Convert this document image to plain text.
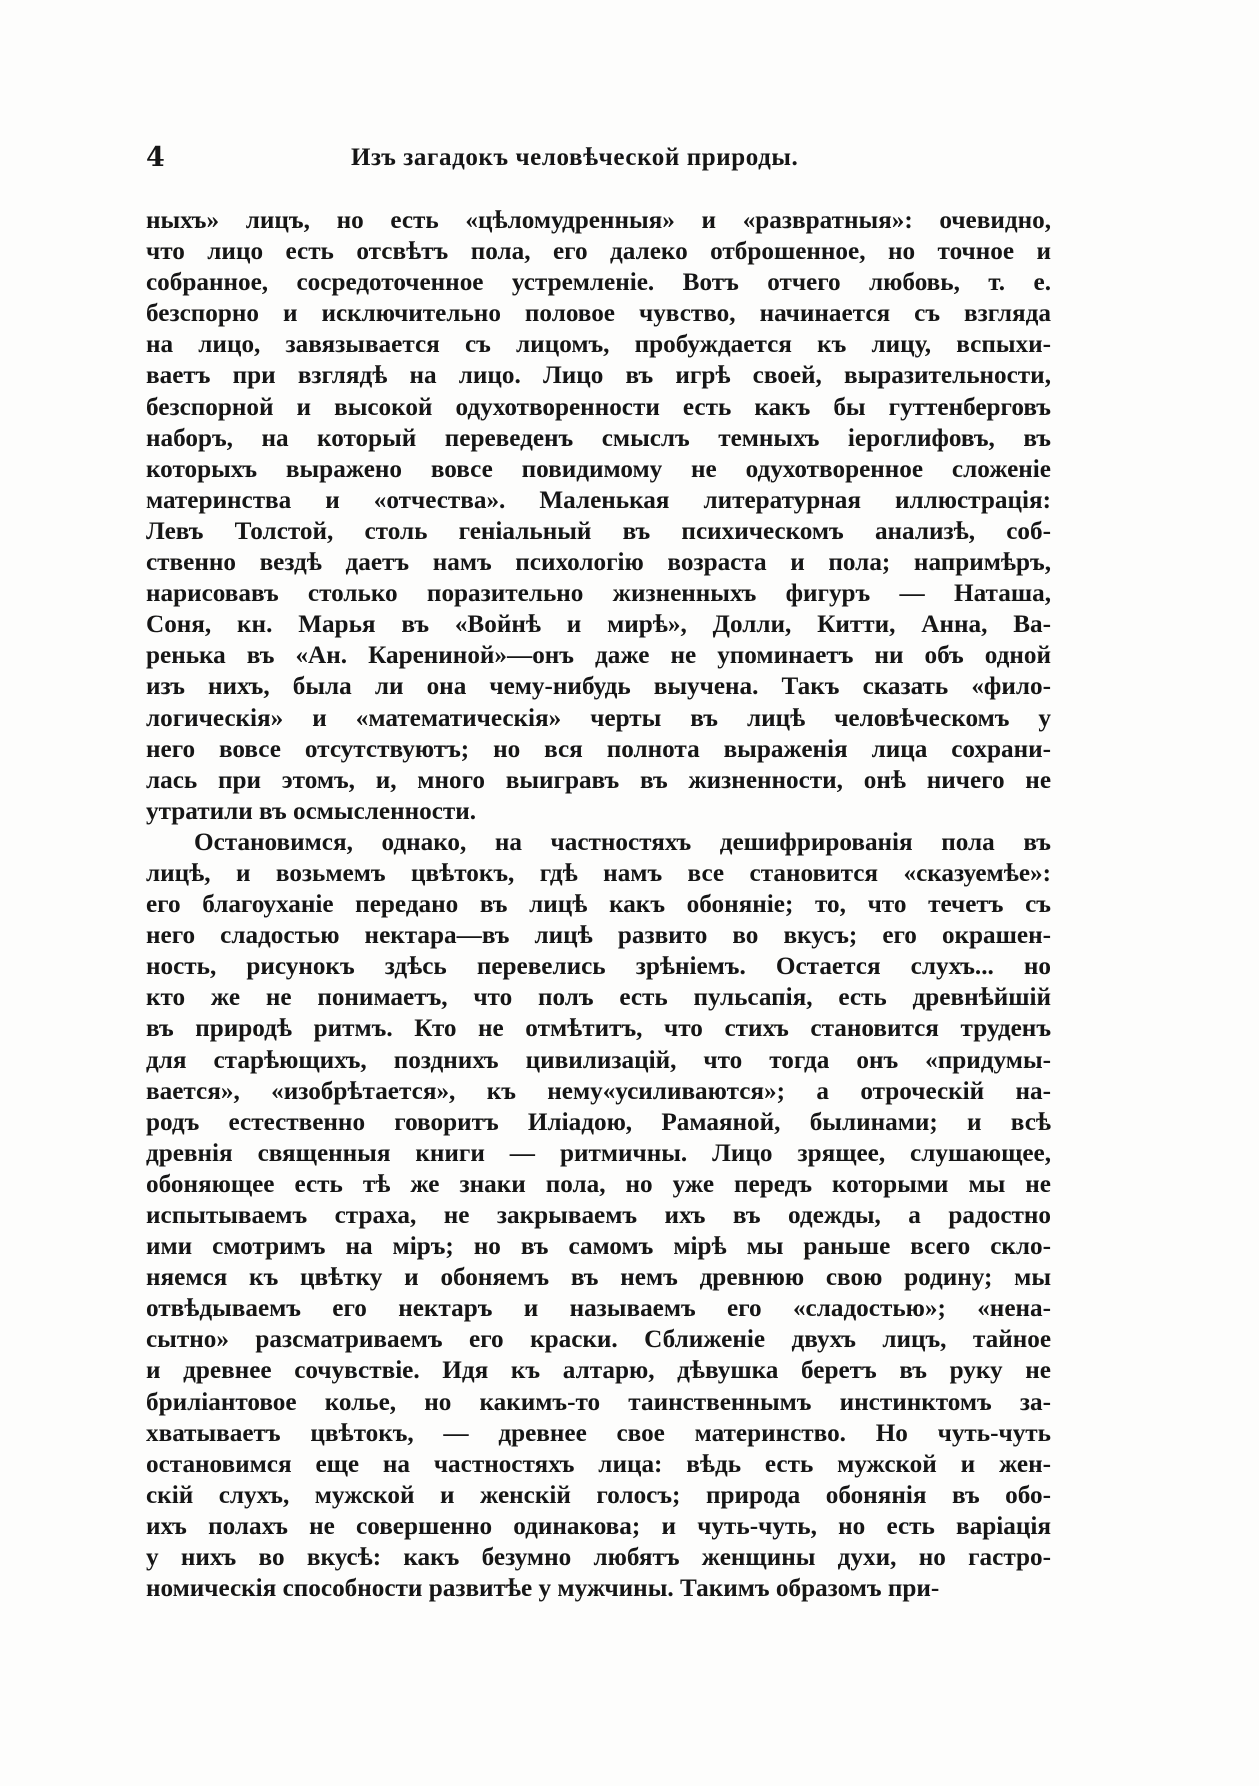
4	Изъ загадокъ человѣческой природы.
ныхъ» лицъ, но есть «цѣломудренныя» и «развратныя»: очевидно,
что лицо есть отсвѣтъ пола, его далеко отброшенное, но точное и
собранное, сосредоточенное устремленіе. Вотъ отчего любовь, т. е.
безспорно и исключительно половое чувство, начинается съ взгляда
на лицо, завязывается съ лицомъ, пробуждается къ лицу, вспыхи-
ваетъ при взглядѣ на лицо. Лицо въ игрѣ своей, выразительности,
безспорной и высокой одухотворенности есть какъ бы гуттенберговъ
наборъ, на который переведенъ смыслъ темныхъ іероглифовъ, въ
которыхъ выражено вовсе повидимому не одухотворенное сложеніе
материнства и «отчества». Маленькая литературная иллюстрація:
Левъ Толстой, столь геніальный въ психическомъ анализѣ, соб-
ственно вездѣ даетъ намъ психологію возраста и пола; напримѣръ,
нарисовавъ столько поразительно жизненныхъ фигуръ — Наташа,
Соня, кн. Марья въ «Войнѣ и мирѣ», Долли, Китти, Анна, Ва-
ренька въ «Ан. Карениной»—онъ даже не упоминаетъ ни объ одной
изъ нихъ, была ли она чему-нибудь выучена. Такъ сказать «фило-
логическія» и «математическія» черты въ лицѣ человѣческомъ у
него вовсе отсутствуютъ; но вся полнота выраженія лица сохрани-
лась при этомъ, и, много выигравъ въ жизненности, онѣ ничего не
утратили въ осмысленности.
Остановимся, однако, на частностяхъ дешифрированія пола въ
лицѣ, и возьмемъ цвѣтокъ, гдѣ намъ все становится «сказуемѣе»:
его благоуханіе передано въ лицѣ какъ обоняніе; то, что течетъ съ
него сладостью нектара—въ лицѣ развито во вкусъ; его окрашен-
ность, рисунокъ здѣсь перевелись зрѣніемъ. Остается слухъ... но
кто же не понимаетъ, что полъ есть пульсапія, есть древнѣйшій
въ природѣ ритмъ. Кто не отмѣтитъ, что стихъ становится труденъ
для старѣющихъ, позднихъ цивилизацій, что тогда онъ «придумы-
вается», «изобрѣтается», къ нему«усиливаются»; а отроческій на-
родъ естественно говоритъ Иліадою, Рамаяной, былинами; и всѣ
древнія священныя книги — ритмичны. Лицо зрящее, слушающее,
обоняющее есть тѣ же знаки пола, но уже передъ которыми мы не
испытываемъ страха, не закрываемъ ихъ въ одежды, а радостно
ими смотримъ на міръ; но въ самомъ мірѣ мы раньше всего скло-
няемся къ цвѣтку и обоняемъ въ немъ древнюю свою родину; мы
отвѣдываемъ его нектаръ и называемъ его «сладостью»; «нена-
сытно» разсматриваемъ его краски. Сближеніе двухъ лицъ, тайное
и древнее сочувствіе. Идя къ алтарю, дѣвушка беретъ въ руку не
бриліантовое колье, но какимъ-то таинственнымъ инстинктомъ за-
хватываетъ цвѣтокъ, — древнее свое материнство. Но чуть-чуть
остановимся еще на частностяхъ лица: вѣдь есть мужской и жен-
скій слухъ, мужской и женскій голосъ; природа обонянія въ обо-
ихъ полахъ не совершенно одинакова; и чуть-чуть, но есть варіація
у нихъ во вкусѣ: какъ безумно любятъ женщины духи, но гастро-
номическія способности развитѣе у мужчины. Такимъ образомъ при-
